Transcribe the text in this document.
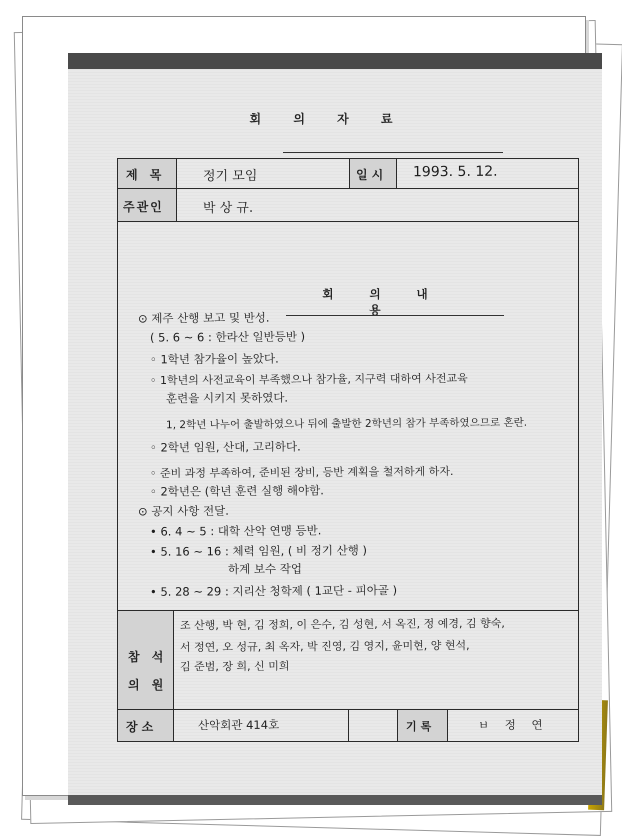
회 의 자 료
제 목	정기 모임	일시 1993. 5. 12.
주관인	박 상 규.
회 의 내 용
⊙ 제주 산행 보고 및 반성.
( 5. 6 ~ 6 : 한라산 일반등반 )
◦ 1학년 참가율이 높았다.
◦ 1학년의 사전교육이 부족했으나 참가율, 지구력 대하여 사전교육
훈련을 시키지 못하였다.
1, 2학년 나누어 출발하였으나 뒤에 출발한 2학년의 참가 부족하였으므로 혼란.
◦ 2학년 임원, 산대, 고리하다.
◦ 준비 과정 부족하여, 준비된 장비, 등반 계획을 철저하게 하자.
◦ 2학년은 (학년 훈련 실행 해야함.
⊙ 공지 사항 전달.
• 6. 4 ~ 5 : 대학 산악 연맹 등반.
• 5. 16 ~ 16 : 체력 임원, ( 비 정기 산행 )
하계 보수 작업
• 5. 28 ~ 29 : 지리산 청학제 ( 1교단 - 피아골 )
참 석
의 원
조 산행, 박 현, 김 정희, 이 은수, 김 성현, 서 옥진, 정 예경, 김 향숙,
서 정연, 오 성규, 최 옥자, 박 진영, 김 영지, 윤미현, 양 현석,
김 준범, 장 희, 신 미희
장소	산악회관 414호	기록	ㅂ 정 연
